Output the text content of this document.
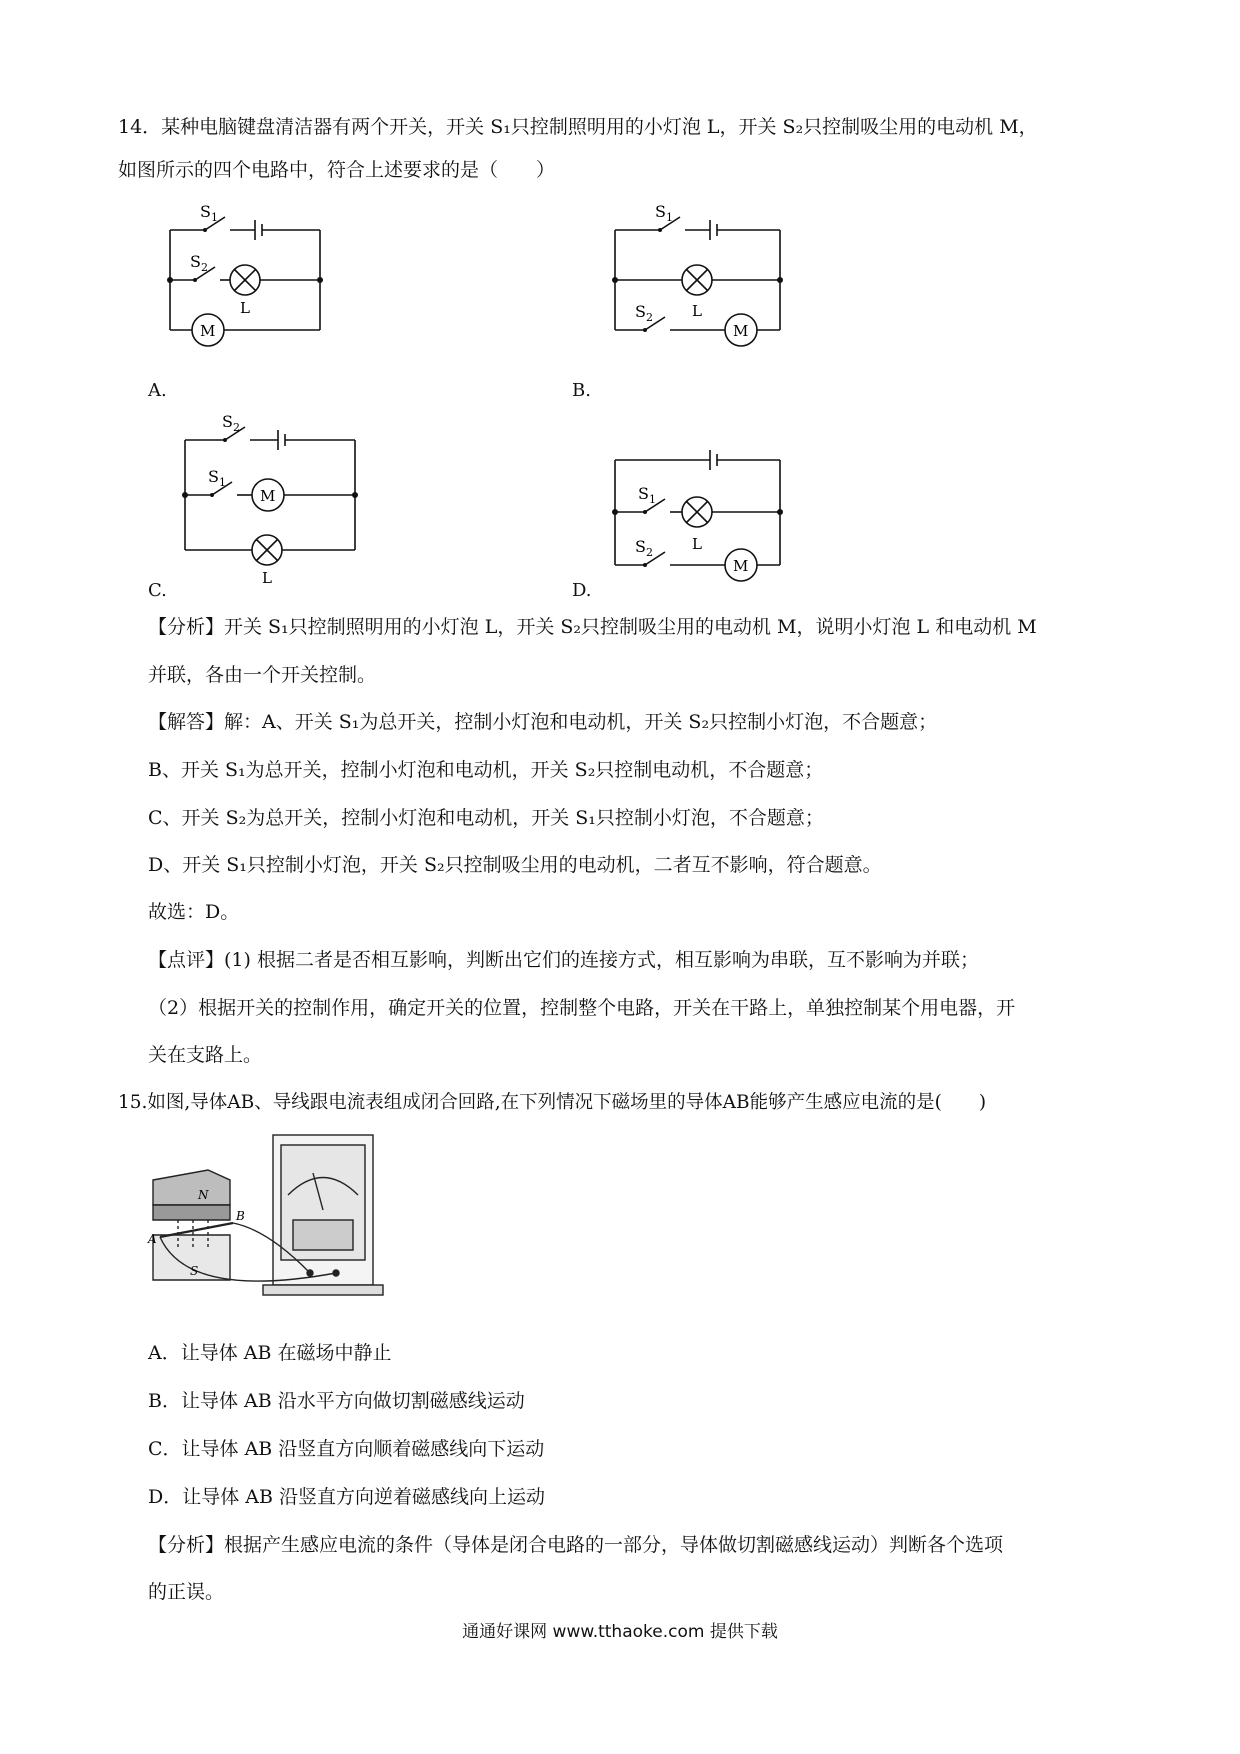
14．某种电脑键盘清洁器有两个开关，开关 S₁只控制照明用的小灯泡 L，开关 S₂只控制吸尘用的电动机 M，
如图所示的四个电路中，符合上述要求的是（　　）
S 1
S 2
L
M
A.
S 1
S 2	L
M
B.
S 2
S 1
M
L
C.
S 1
S 2	L
M
D.
【分析】开关 S₁只控制照明用的小灯泡 L，开关 S₂只控制吸尘用的电动机 M，说明小灯泡 L 和电动机 M
并联，各由一个开关控制。
【解答】解：A、开关 S₁为总开关，控制小灯泡和电动机，开关 S₂只控制小灯泡，不合题意；
B、开关 S₁为总开关，控制小灯泡和电动机，开关 S₂只控制电动机，不合题意；
C、开关 S₂为总开关，控制小灯泡和电动机，开关 S₁只控制小灯泡，不合题意；
D、开关 S₁只控制小灯泡，开关 S₂只控制吸尘用的电动机，二者互不影响，符合题意。
故选：D。
【点评】(1) 根据二者是否相互影响，判断出它们的连接方式，相互影响为串联，互不影响为并联；
（2）根据开关的控制作用，确定开关的位置，控制整个电路，开关在干路上，单独控制某个用电器，开
关在支路上。
15.如图,导体AB、导线跟电流表组成闭合回路,在下列情况下磁场里的导体AB能够产生感应电流的是(　　)
N
S
A
B
A．让导体 AB 在磁场中静止
B．让导体 AB 沿水平方向做切割磁感线运动
C．让导体 AB 沿竖直方向顺着磁感线向下运动
D．让导体 AB 沿竖直方向逆着磁感线向上运动
【分析】根据产生感应电流的条件（导体是闭合电路的一部分，导体做切割磁感线运动）判断各个选项
的正误。
通通好课网 www.tthaoke.com 提供下载
